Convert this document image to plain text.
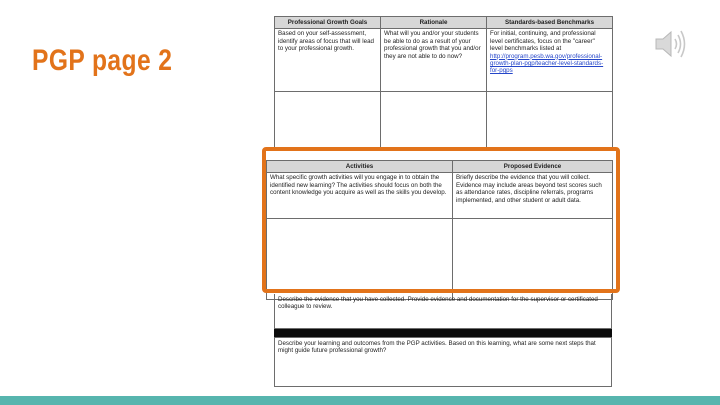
PGP page 2
Professional Growth Goals	Rationale	Standards-based Benchmarks
Based on your self-assessment, identify areas of focus that will lead to your professional growth.	What will you and/or your students be able to do as a result of your professional growth that you and/or they are not able to do now?	For initial, continuing, and professional level certificates, focus on the "career" level benchmarks listed at http://program.pesb.wa.gov/professional-growth-plan-pgp/teacher-level-standards-for-pgps

Activities	Proposed Evidence
What specific growth activities will you engage in to obtain the identified new learning? The activities should focus on both the content knowledge you acquire as well as the skills you develop.	Briefly describe the evidence that you will collect. Evidence may include areas beyond test scores such as attendance rates, discipline referrals, programs implemented, and other student or adult data.

Describe the evidence that you have collected. Provide evidence and documentation for the supervisor or certificated colleague to review.
Describe your learning and outcomes from the PGP activities. Based on this learning, what are some next steps that might guide future professional growth?
